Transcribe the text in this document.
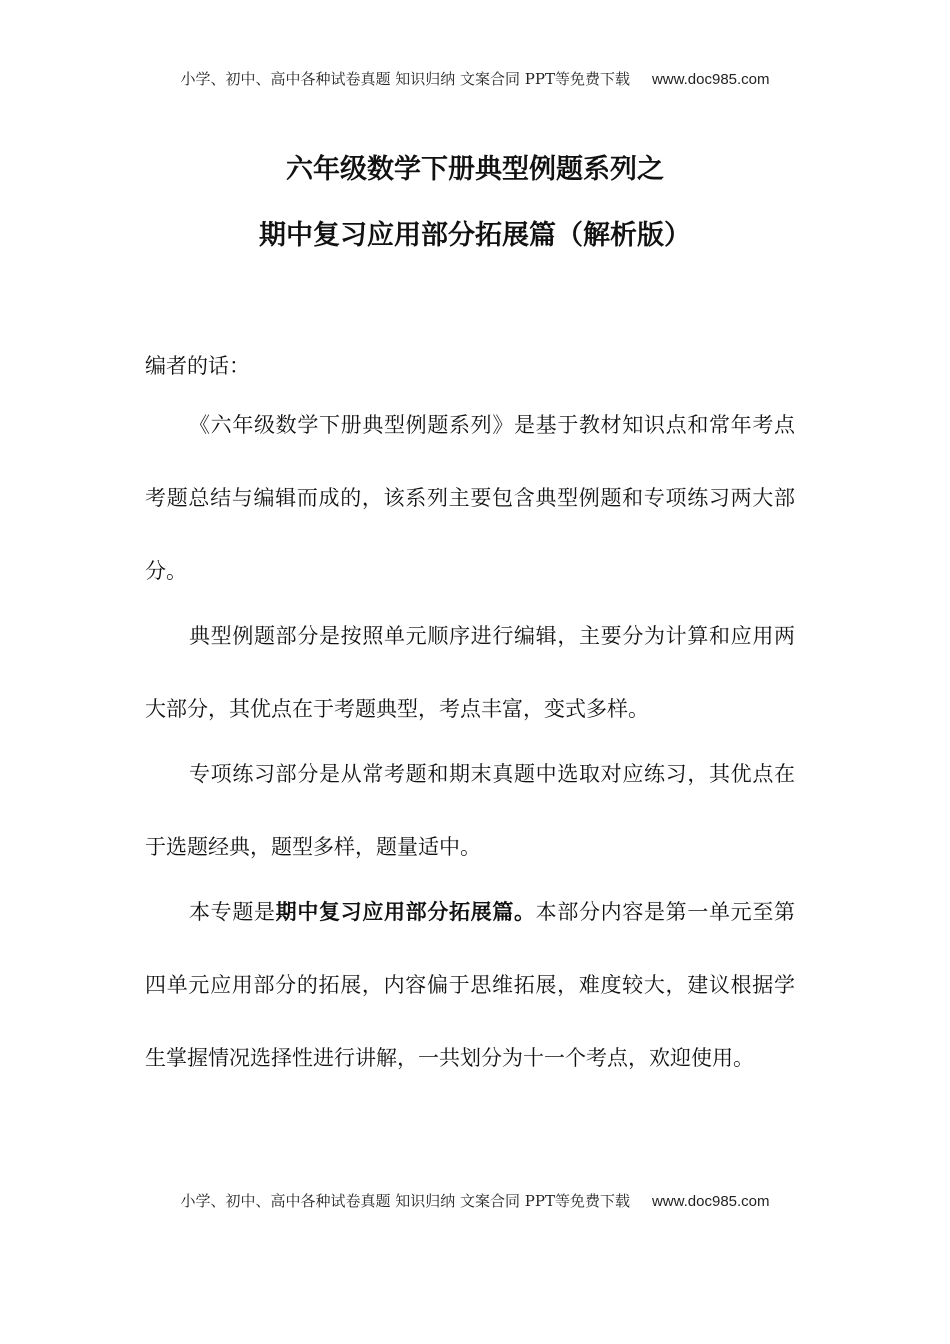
小学、初中、高中各种试卷真题 知识归纳 文案合同 PPT等免费下载 www.doc985.com
六年级数学下册典型例题系列之
期中复习应用部分拓展篇（解析版）
编者的话：

《六年级数学下册典型例题系列》是基于教材知识点和常年考点考题总结与编辑而成的，该系列主要包含典型例题和专项练习两大部分。

典型例题部分是按照单元顺序进行编辑，主要分为计算和应用两大部分，其优点在于考题典型，考点丰富，变式多样。

专项练习部分是从常考题和期末真题中选取对应练习，其优点在于选题经典，题型多样，题量适中。

本专题是期中复习应用部分拓展篇。本部分内容是第一单元至第四单元应用部分的拓展，内容偏于思维拓展，难度较大，建议根据学生掌握情况选择性进行讲解，一共划分为十一个考点，欢迎使用。

小学、初中、高中各种试卷真题 知识归纳 文案合同 PPT等免费下载 www.doc985.com
